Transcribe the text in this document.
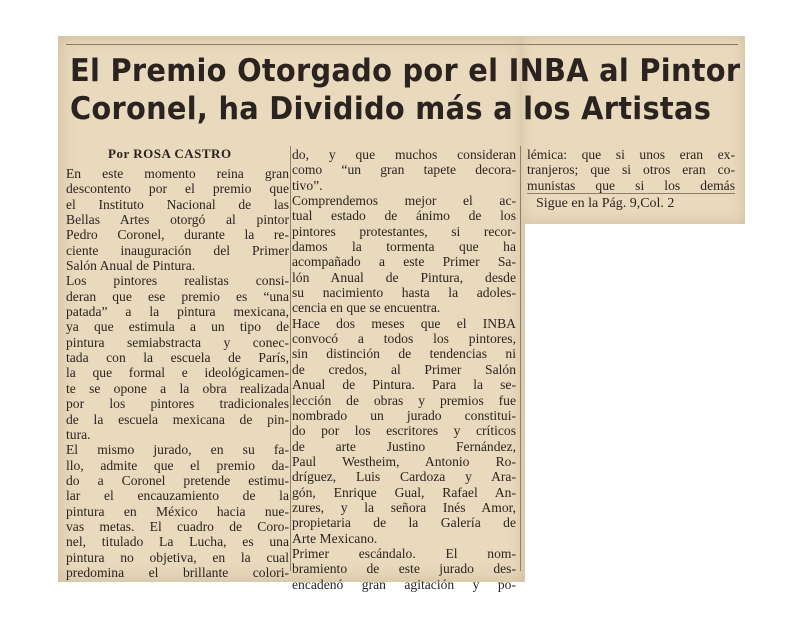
El Premio Otorgado por el INBA al Pintor
Coronel, ha Dividido más a los Artistas
Por ROSA CASTRO
En este momento reina gran
descontento por el premio que
el Instituto Nacional de las
Bellas Artes otorgó al pintor
Pedro Coronel, durante la re-
ciente inauguración del Primer
Salón Anual de Pintura.
Los pintores realistas consi-
deran que ese premio es “una
patada” a la pintura mexicana,
ya que estimula a un tipo de
pintura semiabstracta y conec-
tada con la escuela de París,
la que formal e ideológicamen-
te se opone a la obra realizada
por los pintores tradicionales
de la escuela mexicana de pin-
tura.
El mismo jurado, en su fa-
llo, admite que el premio da-
do a Coronel pretende estimu-
lar el encauzamiento de la
pintura en México hacia nue-
vas metas. El cuadro de Coro-
nel, titulado La Lucha, es una
pintura no objetiva, en la cual
predomina el brillante colori-
do, y que muchos consideran
como “un gran tapete decora-
tivo”.
Comprendemos mejor el ac-
tual estado de ánimo de los
pintores protestantes, si recor-
damos la tormenta que ha
acompañado a este Primer Sa-
lón Anual de Pintura, desde
su nacimiento hasta la adoles-
cencia en que se encuentra.
Hace dos meses que el INBA
convocó a todos los pintores,
sin distinción de tendencias ni
de credos, al Primer Salón
Anual de Pintura. Para la se-
lección de obras y premios fue
nombrado un jurado constitui-
do por los escritores y críticos
de arte Justino Fernández,
Paul Westheim, Antonio Ro-
dríguez, Luis Cardoza y Ara-
gón, Enrique Gual, Rafael An-
zures, y la señora Inés Amor,
propietaria de la Galería de
Arte Mexicano.
Primer escándalo. El nom-
bramiento de este jurado des-
encadenó gran agitación y po-
lémica: que si unos eran ex-
tranjeros; que si otros eran co-
munistas que si los demás
Sigue en la Pág. 9,Col. 2
